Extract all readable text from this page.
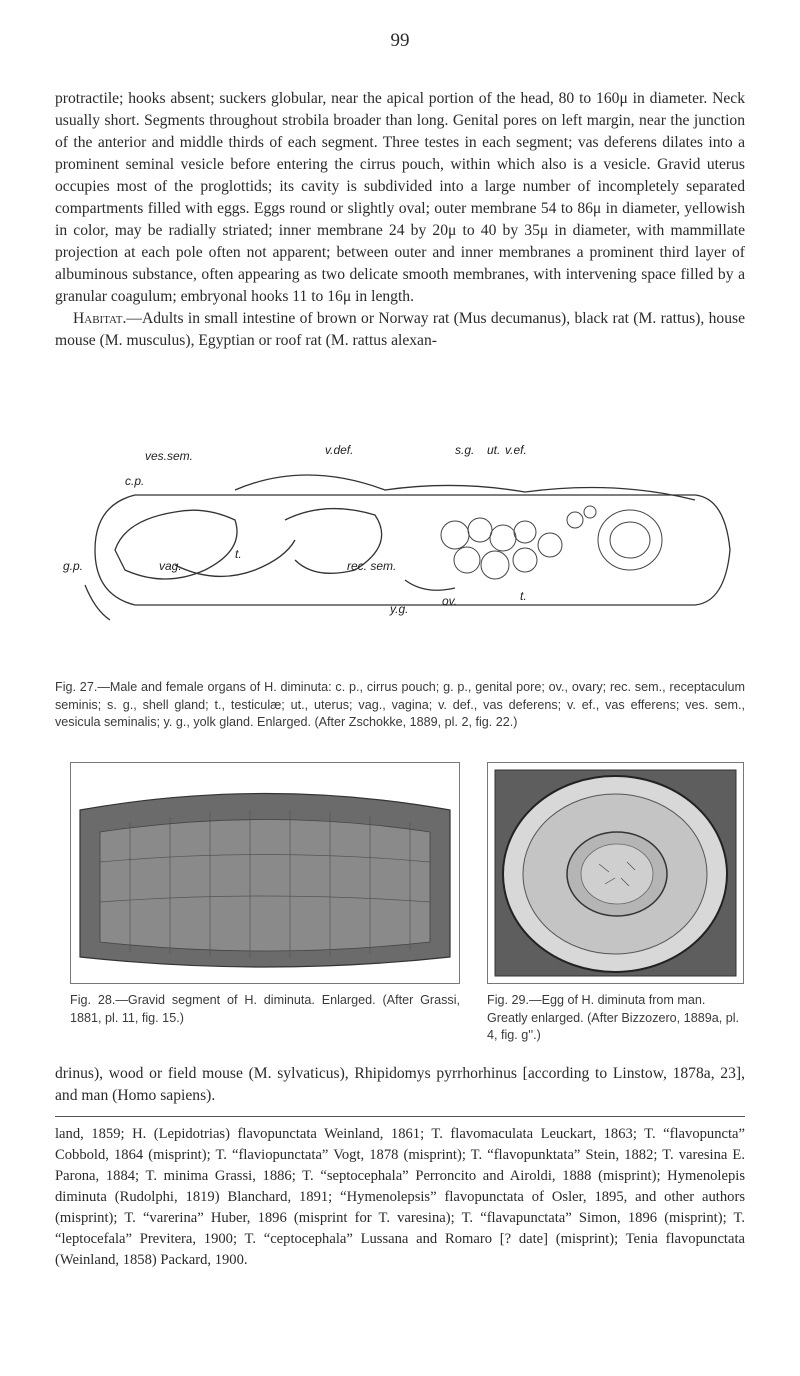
99

protractile; hooks absent; suckers globular, near the apical portion of the head, 80 to 160μ in diameter. Neck usually short. Segments throughout strobila broader than long. Genital pores on left margin, near the junction of the anterior and middle thirds of each segment. Three testes in each segment; vas deferens dilates into a prominent seminal vesicle before entering the cirrus pouch, within which also is a vesicle. Gravid uterus occupies most of the proglottids; its cavity is subdivided into a large number of incompletely separated compartments filled with eggs. Eggs round or slightly oval; outer membrane 54 to 86μ in diameter, yellowish in color, may be radially striated; inner membrane 24 by 20μ to 40 by 35μ in diameter, with mammillate projection at each pole often not apparent; between outer and inner membranes a prominent third layer of albuminous substance, often appearing as two delicate smooth membranes, with intervening space filled by a granular coagulum; embryonal hooks 11 to 16μ in length.

Habitat.—Adults in small intestine of brown or Norway rat (Mus decumanus), black rat (M. rattus), house mouse (M. musculus), Egyptian or roof rat (M. rattus alexan-

ves.sem.	v.def.	s.g. ut. v.ef.
c.p.
g.p.	vag.
t.
rec. sem.
y.g.
ov.	t.

Fig. 27.—Male and female organs of H. diminuta: c. p., cirrus pouch; g. p., genital pore; ov., ovary; rec. sem., receptaculum seminis; s. g., shell gland; t., testiculæ; ut., uterus; vag., vagina; v. def., vas deferens; v. ef., vas efferens; ves. sem., vesicula seminalis; y. g., yolk gland. Enlarged. (After Zschokke, 1889, pl. 2, fig. 22.)

Fig. 28.—Gravid segment of H. diminuta. Enlarged. (After Grassi, 1881, pl. 11, fig. 15.)

Fig. 29.—Egg of H. diminuta from man. Greatly enlarged. (After Bizzozero, 1889a, pl. 4, fig. g''.)

drinus), wood or field mouse (M. sylvaticus), Rhipidomys pyrrhorhinus [according to Linstow, 1878a, 23], and man (Homo sapiens).

land, 1859; H. (Lepidotrias) flavopunctata Weinland, 1861; T. flavomaculata Leuckart, 1863; T. “flavopuncta” Cobbold, 1864 (misprint); T. “flaviopunctata” Vogt, 1878 (misprint); T. “flavopunktata” Stein, 1882; T. varesina E. Parona, 1884; T. minima Grassi, 1886; T. “septocephala” Perroncito and Airoldi, 1888 (misprint); Hymenolepis diminuta (Rudolphi, 1819) Blanchard, 1891; “Hymenolepsis” flavopunctata of Osler, 1895, and other authors (misprint); T. “varerina” Huber, 1896 (misprint for T. varesina); T. “flavapunctata” Simon, 1896 (misprint); T. “leptocefala” Previtera, 1900; T. “ceptocephala” Lussana and Romaro [? date] (misprint); Tenia flavopunctata (Weinland, 1858) Packard, 1900.
